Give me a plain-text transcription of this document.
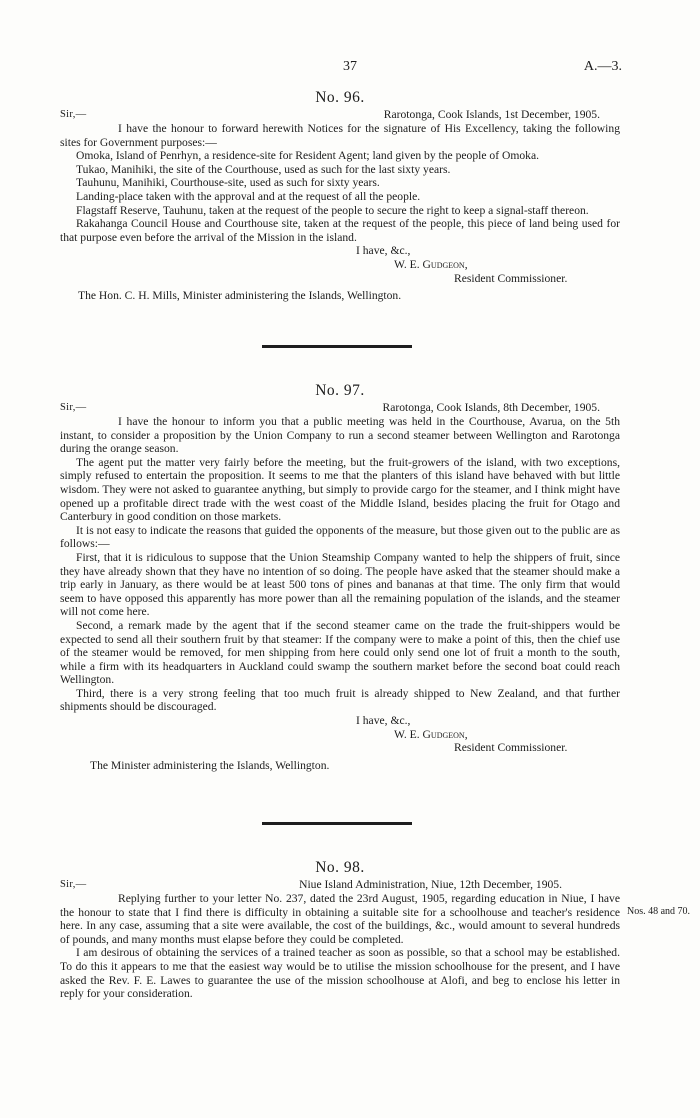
37	A.—3.
No. 96.
Sir,—	Rarotonga, Cook Islands, 1st December, 1905.

I have the honour to forward herewith Notices for the signature of His Excellency, taking the following sites for Government purposes:—

Omoka, Island of Penrhyn, a residence-site for Resident Agent; land given by the people of Omoka.

Tukao, Manihiki, the site of the Courthouse, used as such for the last sixty years.

Tauhunu, Manihiki, Courthouse-site, used as such for sixty years.

Landing-place taken with the approval and at the request of all the people.

Flagstaff Reserve, Tauhunu, taken at the request of the people to secure the right to keep a signal-staff thereon.

Rakahanga Council House and Courthouse site, taken at the request of the people, this piece of land being used for that purpose even before the arrival of the Mission in the island.

I have, &c.,
W. E. Gudgeon,
Resident Commissioner.
The Hon. C. H. Mills, Minister administering the Islands, Wellington.
No. 97.
Sir,—	Rarotonga, Cook Islands, 8th December, 1905.

I have the honour to inform you that a public meeting was held in the Courthouse, Avarua, on the 5th instant, to consider a proposition by the Union Company to run a second steamer between Wellington and Rarotonga during the orange season.

The agent put the matter very fairly before the meeting, but the fruit-growers of the island, with two exceptions, simply refused to entertain the proposition. It seems to me that the planters of this island have behaved with but little wisdom. They were not asked to guarantee anything, but simply to provide cargo for the steamer, and I think might have opened up a profitable direct trade with the west coast of the Middle Island, besides placing the fruit for Otago and Canterbury in good condition on those markets.

It is not easy to indicate the reasons that guided the opponents of the measure, but those given out to the public are as follows:—

First, that it is ridiculous to suppose that the Union Steamship Company wanted to help the shippers of fruit, since they have already shown that they have no intention of so doing. The people have asked that the steamer should make a trip early in January, as there would be at least 500 tons of pines and bananas at that time. The only firm that would seem to have opposed this apparently has more power than all the remaining population of the islands, and the steamer will not come here.

Second, a remark made by the agent that if the second steamer came on the trade the fruit-shippers would be expected to send all their southern fruit by that steamer: If the company were to make a point of this, then the chief use of the steamer would be removed, for men shipping from here could only send one lot of fruit a month to the south, while a firm with its headquarters in Auckland could swamp the southern market before the second boat could reach Wellington.

Third, there is a very strong feeling that too much fruit is already shipped to New Zealand, and that further shipments should be discouraged.

I have, &c.,
W. E. Gudgeon,
Resident Commissioner.
The Minister administering the Islands, Wellington.
No. 98.
Sir,—	Niue Island Administration, Niue, 12th December, 1905.

Replying further to your letter No. 237, dated the 23rd August, 1905, regarding education in Niue, I have the honour to state that I find there is difficulty in obtaining a suitable site for a schoolhouse and teacher's residence here. In any case, assuming that a site were available, the cost of the buildings, &c., would amount to several hundreds of pounds, and many months must elapse before they could be completed.

I am desirous of obtaining the services of a trained teacher as soon as possible, so that a school may be established. To do this it appears to me that the easiest way would be to utilise the mission schoolhouse for the present, and I have asked the Rev. F. E. Lawes to guarantee the use of the mission schoolhouse at Alofi, and beg to enclose his letter in reply for your consideration.

Nos. 48 and 70.
